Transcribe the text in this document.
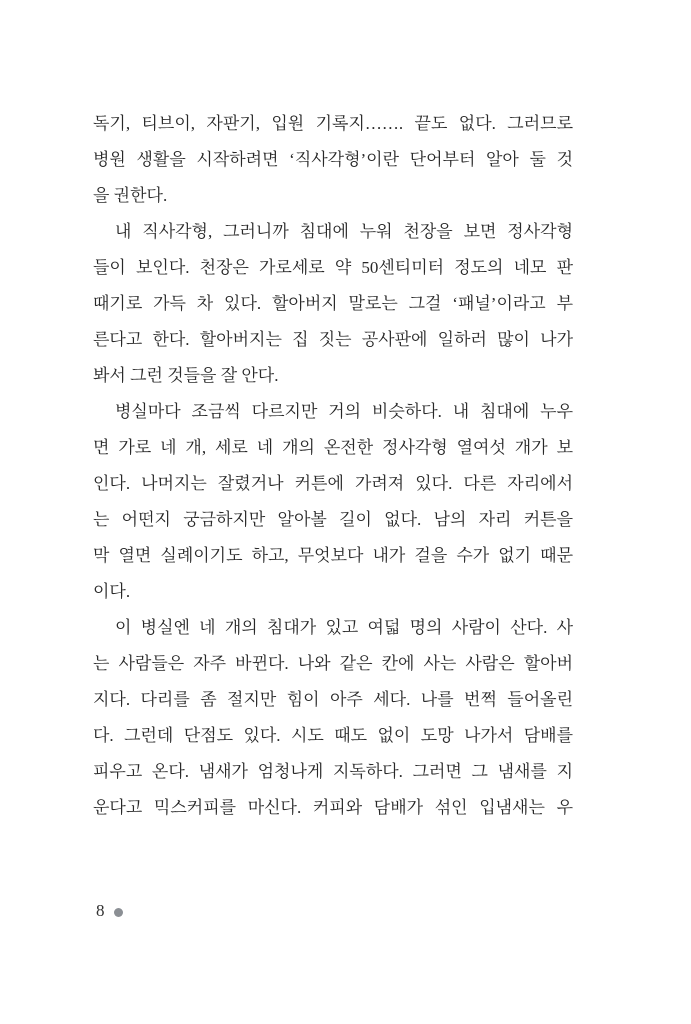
독기, 티브이, 자판기, 입원 기록지……. 끝도 없다. 그러므로
병원 생활을 시작하려면 ‘직사각형’이란 단어부터 알아 둘 것
을 권한다.
내 직사각형, 그러니까 침대에 누워 천장을 보면 정사각형
들이 보인다. 천장은 가로세로 약 50센티미터 정도의 네모 판
때기로 가득 차 있다. 할아버지 말로는 그걸 ‘패널’이라고 부
른다고 한다. 할아버지는 집 짓는 공사판에 일하러 많이 나가
봐서 그런 것들을 잘 안다.
병실마다 조금씩 다르지만 거의 비슷하다. 내 침대에 누우
면 가로 네 개, 세로 네 개의 온전한 정사각형 열여섯 개가 보
인다. 나머지는 잘렸거나 커튼에 가려져 있다. 다른 자리에서
는 어떤지 궁금하지만 알아볼 길이 없다. 남의 자리 커튼을
막 열면 실례이기도 하고, 무엇보다 내가 걸을 수가 없기 때문
이다.
이 병실엔 네 개의 침대가 있고 여덟 명의 사람이 산다. 사
는 사람들은 자주 바뀐다. 나와 같은 칸에 사는 사람은 할아버
지다. 다리를 좀 절지만 힘이 아주 세다. 나를 번쩍 들어올린
다. 그런데 단점도 있다. 시도 때도 없이 도망 나가서 담배를
피우고 온다. 냄새가 엄청나게 지독하다. 그러면 그 냄새를 지
운다고 믹스커피를 마신다. 커피와 담배가 섞인 입냄새는 우
8
